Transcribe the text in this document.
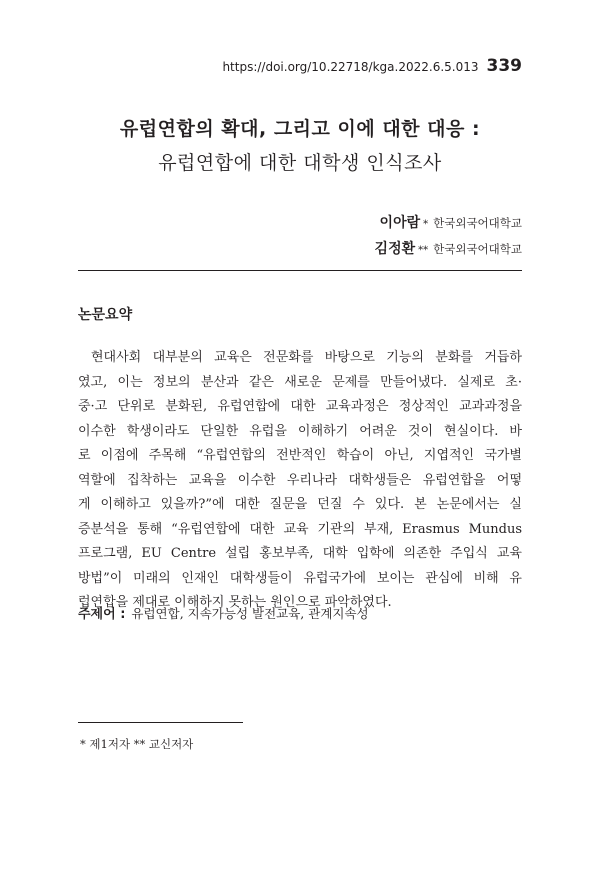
https://doi.org/10.22718/kga.2022.6.5.013 339
유럽연합의 확대, 그리고 이에 대한 대응 :
유럽연합에 대한 대학생 인식조사
이아람 * 한국외국어대학교
김정환 ** 한국외국어대학교
논문요약
현대사회 대부분의 교육은 전문화를 바탕으로 기능의 분화를 거듭하
였고, 이는 정보의 분산과 같은 새로운 문제를 만들어냈다. 실제로 초·
중·고 단위로 분화된, 유럽연합에 대한 교육과정은 정상적인 교과과정을
이수한 학생이라도 단일한 유럽을 이해하기 어려운 것이 현실이다. 바
로 이점에 주목해 “유럽연합의 전반적인 학습이 아닌, 지엽적인 국가별
역할에 집착하는 교육을 이수한 우리나라 대학생들은 유럽연합을 어떻
게 이해하고 있을까?”에 대한 질문을 던질 수 있다. 본 논문에서는 실
증분석을 통해 “유럽연합에 대한 교육 기관의 부재, Erasmus Mundus
프로그램, EU Centre 설립 홍보부족, 대학 입학에 의존한 주입식 교육
방법”이 미래의 인재인 대학생들이 유럽국가에 보이는 관심에 비해 유
럽연합을 제대로 이해하지 못하는 원인으로 파악하였다.
주제어 : 유럽연합, 지속가능성 발전교육, 관계지속성
* 제1저자 ** 교신저자
